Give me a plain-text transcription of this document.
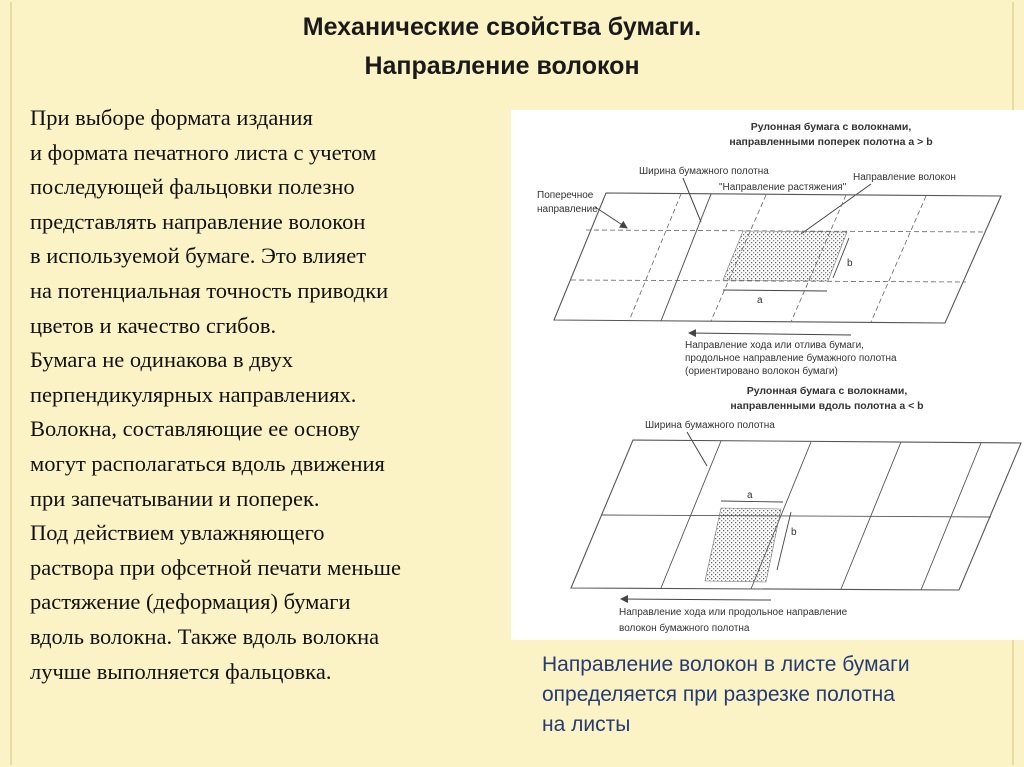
Механические свойства бумаги.
Направление волокон
При выборе формата издания
и формата печатного листа с учетом
последующей фальцовки полезно
представлять направление волокон
в используемой бумаге. Это влияет
на потенциальная точность приводки
цветов и качество сгибов.
Бумага не одинакова в двух
перпендикулярных направлениях.
Волокна, составляющие ее основу
могут располагаться вдоль движения
при запечатывании и поперек.
Под действием увлажняющего
раствора при офсетной печати меньше
растяжение (деформация) бумаги
вдоль волокна. Также вдоль волокна
лучше выполняется фальцовка.
Рулонная бумага с волокнами,
направленными поперек полотна a > b
Поперечное
направление
Ширина бумажного полотна
"Направление растяжения"
Направление волокон
b
a
Направление хода или отлива бумаги,
продольное направление бумажного полотна
(ориентировано волокон бумаги)
Рулонная бумага с волокнами,
направленными вдоль полотна a < b
Ширина бумажного полотна
a
b
Направление хода или продольное направление
волокон бумажного полотна
Направление волокон в листе бумаги
определяется при разрезке полотна
на листы
